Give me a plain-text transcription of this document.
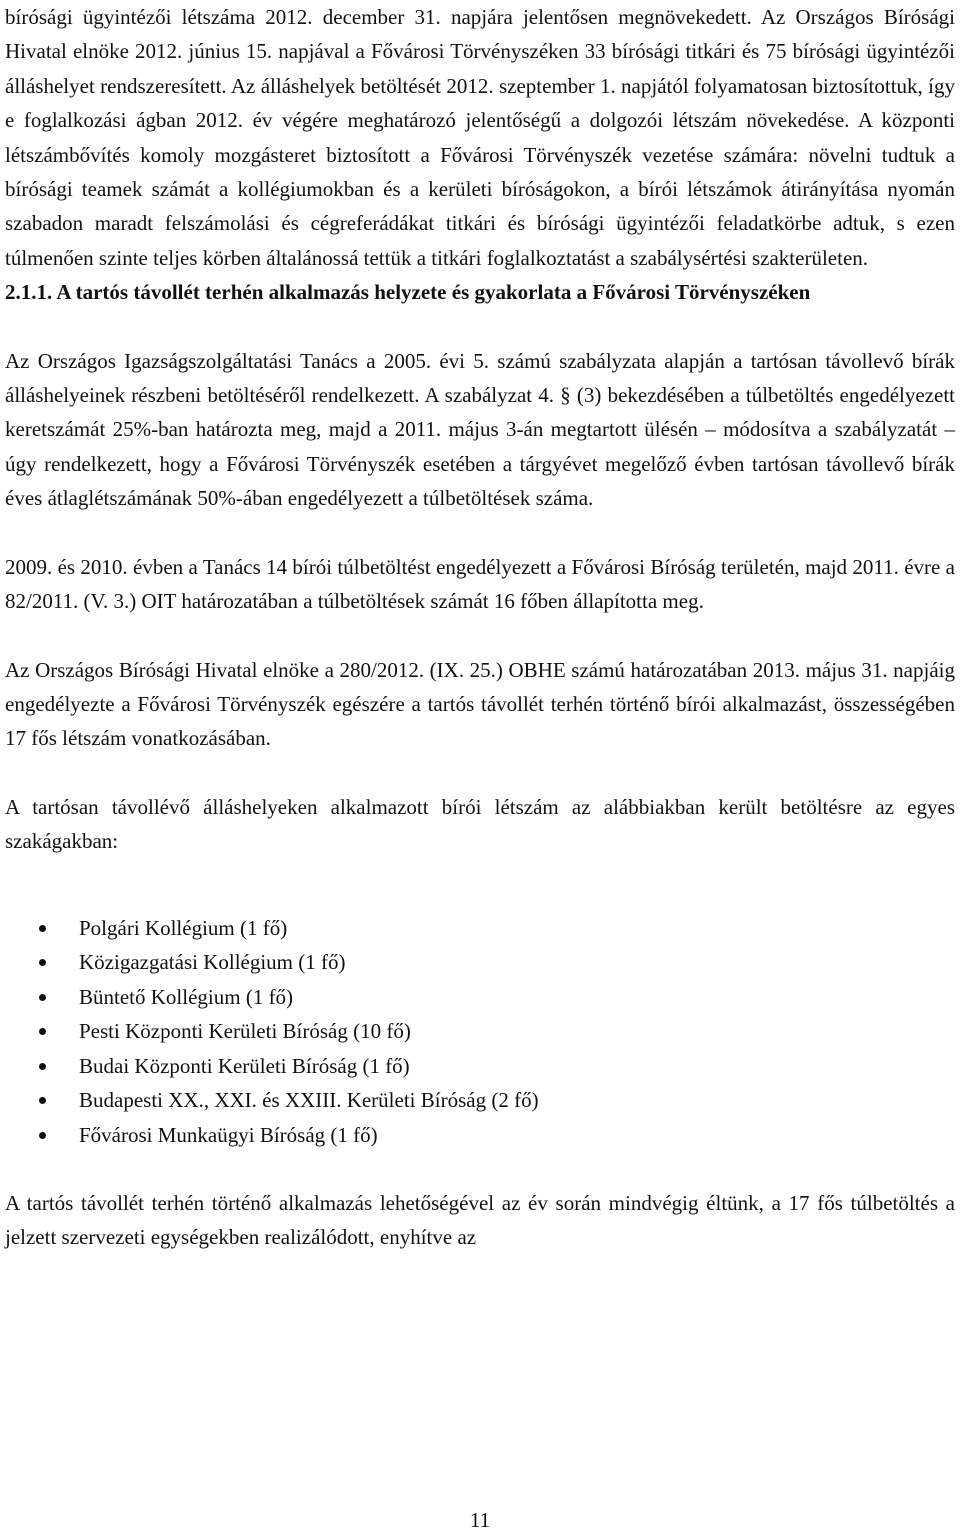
bírósági ügyintézői létszáma 2012. december 31. napjára jelentősen megnövekedett. Az Országos Bírósági Hivatal elnöke 2012. június 15. napjával a Fővárosi Törvényszéken 33 bírósági titkári és 75 bírósági ügyintézői álláshelyet rendszeresített. Az álláshelyek betöltését 2012. szeptember 1. napjától folyamatosan biztosítottuk, így e foglalkozási ágban 2012. év végére meghatározó jelentőségű a dolgozói létszám növekedése. A központi létszámbővítés komoly mozgásteret biztosított a Fővárosi Törvényszék vezetése számára: növelni tudtuk a bírósági teamek számát a kollégiumokban és a kerületi bíróságokon, a bírói létszámok átirányítása nyomán szabadon maradt felszámolási és cégreferádákat titkári és bírósági ügyintézői feladatkörbe adtuk, s ezen túlmenően szinte teljes körben általánossá tettük a titkári foglalkoztatást a szabálysértési szakterületen.

2.1.1. A tartós távollét terhén alkalmazás helyzete és gyakorlata a Fővárosi Törvényszéken

Az Országos Igazságszolgáltatási Tanács a 2005. évi 5. számú szabályzata alapján a tartósan távollevő bírák álláshelyeinek részbeni betöltéséről rendelkezett. A szabályzat 4. § (3) bekezdésében a túlbetöltés engedélyezett keretszámát 25%-ban határozta meg, majd a 2011. május 3-án megtartott ülésén – módosítva a szabályzatát – úgy rendelkezett, hogy a Fővárosi Törvényszék esetében a tárgyévet megelőző évben tartósan távollevő bírák éves átlaglétszámának 50%-ában engedélyezett a túlbetöltések száma.

2009. és 2010. évben a Tanács 14 bírói túlbetöltést engedélyezett a Fővárosi Bíróság területén, majd 2011. évre a 82/2011. (V. 3.) OIT határozatában a túlbetöltések számát 16 főben állapította meg.

Az Országos Bírósági Hivatal elnöke a 280/2012. (IX. 25.) OBHE számú határozatában 2013. május 31. napjáig engedélyezte a Fővárosi Törvényszék egészére a tartós távollét terhén történő bírói alkalmazást, összességében 17 fős létszám vonatkozásában.

A tartósan távollévő álláshelyeken alkalmazott bírói létszám az alábbiakban került betöltésre az egyes szakágakban:

Polgári Kollégium (1 fő)
Közigazgatási Kollégium (1 fő)
Büntető Kollégium (1 fő)
Pesti Központi Kerületi Bíróság (10 fő)
Budai Központi Kerületi Bíróság (1 fő)
Budapesti XX., XXI. és XXIII. Kerületi Bíróság (2 fő)
Fővárosi Munkaügyi Bíróság (1 fő)

A tartós távollét terhén történő alkalmazás lehetőségével az év során mindvégig éltünk, a 17 fős túlbetöltés a jelzett szervezeti egységekben realizálódott, enyhítve az

11
